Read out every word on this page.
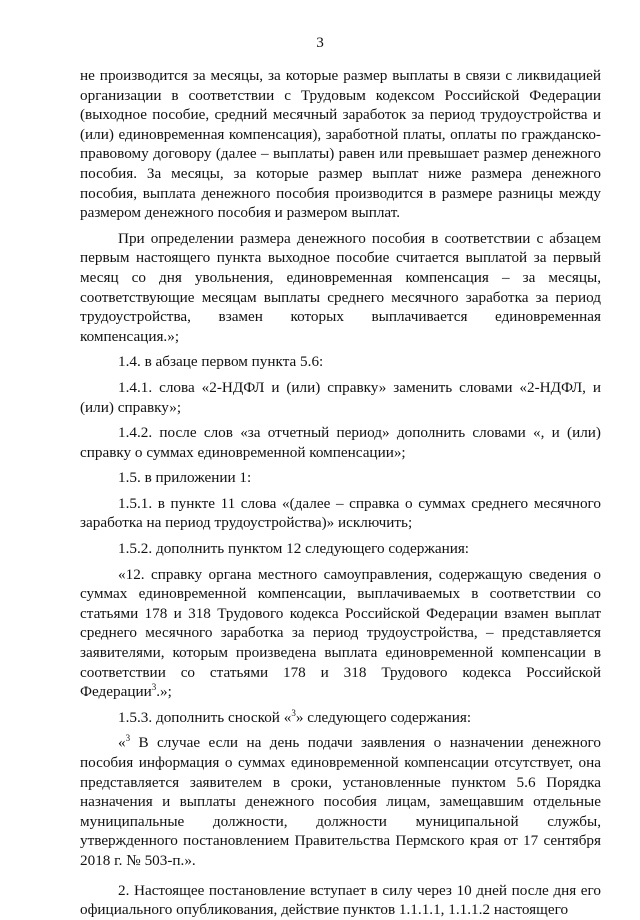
3

не производится за месяцы, за которые размер выплаты в связи с ликвидацией организации в соответствии с Трудовым кодексом Российской Федерации (выходное пособие, средний месячный заработок за период трудоустройства и (или) единовременная компенсация), заработной платы, оплаты по гражданско-правовому договору (далее – выплаты) равен или превышает размер денежного пособия. За месяцы, за которые размер выплат ниже размера денежного пособия, выплата денежного пособия производится в размере разницы между размером денежного пособия и размером выплат.

При определении размера денежного пособия в соответствии с абзацем первым настоящего пункта выходное пособие считается выплатой за первый месяц со дня увольнения, единовременная компенсация – за месяцы, соответствующие месяцам выплаты среднего месячного заработка за период трудоустройства, взамен которых выплачивается единовременная компенсация.»;

1.4. в абзаце первом пункта 5.6:

1.4.1. слова «2-НДФЛ и (или) справку» заменить словами «2-НДФЛ, и (или) справку»;

1.4.2. после слов «за отчетный период» дополнить словами «, и (или) справку о суммах единовременной компенсации»;

1.5. в приложении 1:

1.5.1. в пункте 11 слова «(далее – справка о суммах среднего месячного заработка на период трудоустройства)» исключить;

1.5.2. дополнить пунктом 12 следующего содержания:

«12. справку органа местного самоуправления, содержащую сведения о суммах единовременной компенсации, выплачиваемых в соответствии со статьями 178 и 318 Трудового кодекса Российской Федерации взамен выплат среднего месячного заработка за период трудоустройства, – представляется заявителями, которым произведена выплата единовременной компенсации в соответствии со статьями 178 и 318 Трудового кодекса Российской Федерации$^3$.»;

1.5.3. дополнить сноской «$^3$» следующего содержания:

«$^3$ В случае если на день подачи заявления о назначении денежного пособия информация о суммах единовременной компенсации отсутствует, она представляется заявителем в сроки, установленные пунктом 5.6 Порядка назначения и выплаты денежного пособия лицам, замещавшим отдельные муниципальные должности, должности муниципальной службы, утвержденного постановлением Правительства Пермского края от 17 сентября 2018 г. № 503-п.».

2. Настоящее постановление вступает в силу через 10 дней после дня его официального опубликования, действие пунктов 1.1.1.1, 1.1.1.2 настоящего
